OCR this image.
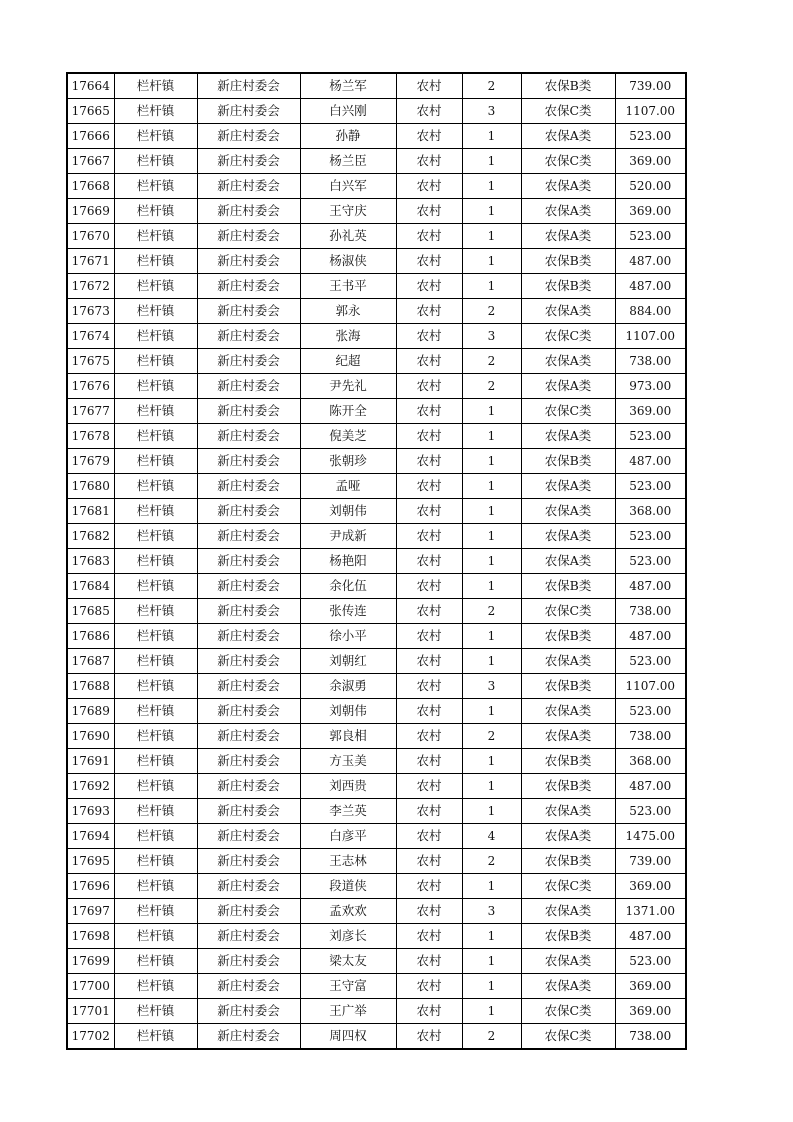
17664	栏杆镇	新庄村委会	杨兰军	农村	2	农保B类	739.00
17665	栏杆镇	新庄村委会	白兴刚	农村	3	农保C类	1107.00
17666	栏杆镇	新庄村委会	孙静	农村	1	农保A类	523.00
17667	栏杆镇	新庄村委会	杨兰臣	农村	1	农保C类	369.00
17668	栏杆镇	新庄村委会	白兴军	农村	1	农保A类	520.00
17669	栏杆镇	新庄村委会	王守庆	农村	1	农保A类	369.00
17670	栏杆镇	新庄村委会	孙礼英	农村	1	农保A类	523.00
17671	栏杆镇	新庄村委会	杨淑侠	农村	1	农保B类	487.00
17672	栏杆镇	新庄村委会	王书平	农村	1	农保B类	487.00
17673	栏杆镇	新庄村委会	郭永	农村	2	农保A类	884.00
17674	栏杆镇	新庄村委会	张海	农村	3	农保C类	1107.00
17675	栏杆镇	新庄村委会	纪超	农村	2	农保A类	738.00
17676	栏杆镇	新庄村委会	尹先礼	农村	2	农保A类	973.00
17677	栏杆镇	新庄村委会	陈开全	农村	1	农保C类	369.00
17678	栏杆镇	新庄村委会	倪美芝	农村	1	农保A类	523.00
17679	栏杆镇	新庄村委会	张朝珍	农村	1	农保B类	487.00
17680	栏杆镇	新庄村委会	孟哑	农村	1	农保A类	523.00
17681	栏杆镇	新庄村委会	刘朝伟	农村	1	农保A类	368.00
17682	栏杆镇	新庄村委会	尹成新	农村	1	农保A类	523.00
17683	栏杆镇	新庄村委会	杨艳阳	农村	1	农保A类	523.00
17684	栏杆镇	新庄村委会	余化伍	农村	1	农保B类	487.00
17685	栏杆镇	新庄村委会	张传连	农村	2	农保C类	738.00
17686	栏杆镇	新庄村委会	徐小平	农村	1	农保B类	487.00
17687	栏杆镇	新庄村委会	刘朝红	农村	1	农保A类	523.00
17688	栏杆镇	新庄村委会	余淑勇	农村	3	农保B类	1107.00
17689	栏杆镇	新庄村委会	刘朝伟	农村	1	农保A类	523.00
17690	栏杆镇	新庄村委会	郭良相	农村	2	农保A类	738.00
17691	栏杆镇	新庄村委会	方玉美	农村	1	农保B类	368.00
17692	栏杆镇	新庄村委会	刘西贵	农村	1	农保B类	487.00
17693	栏杆镇	新庄村委会	李兰英	农村	1	农保A类	523.00
17694	栏杆镇	新庄村委会	白彦平	农村	4	农保A类	1475.00
17695	栏杆镇	新庄村委会	王志林	农村	2	农保B类	739.00
17696	栏杆镇	新庄村委会	段道侠	农村	1	农保C类	369.00
17697	栏杆镇	新庄村委会	孟欢欢	农村	3	农保A类	1371.00
17698	栏杆镇	新庄村委会	刘彦长	农村	1	农保B类	487.00
17699	栏杆镇	新庄村委会	梁太友	农村	1	农保A类	523.00
17700	栏杆镇	新庄村委会	王守富	农村	1	农保A类	369.00
17701	栏杆镇	新庄村委会	王广举	农村	1	农保C类	369.00
17702	栏杆镇	新庄村委会	周四权	农村	2	农保C类	738.00
